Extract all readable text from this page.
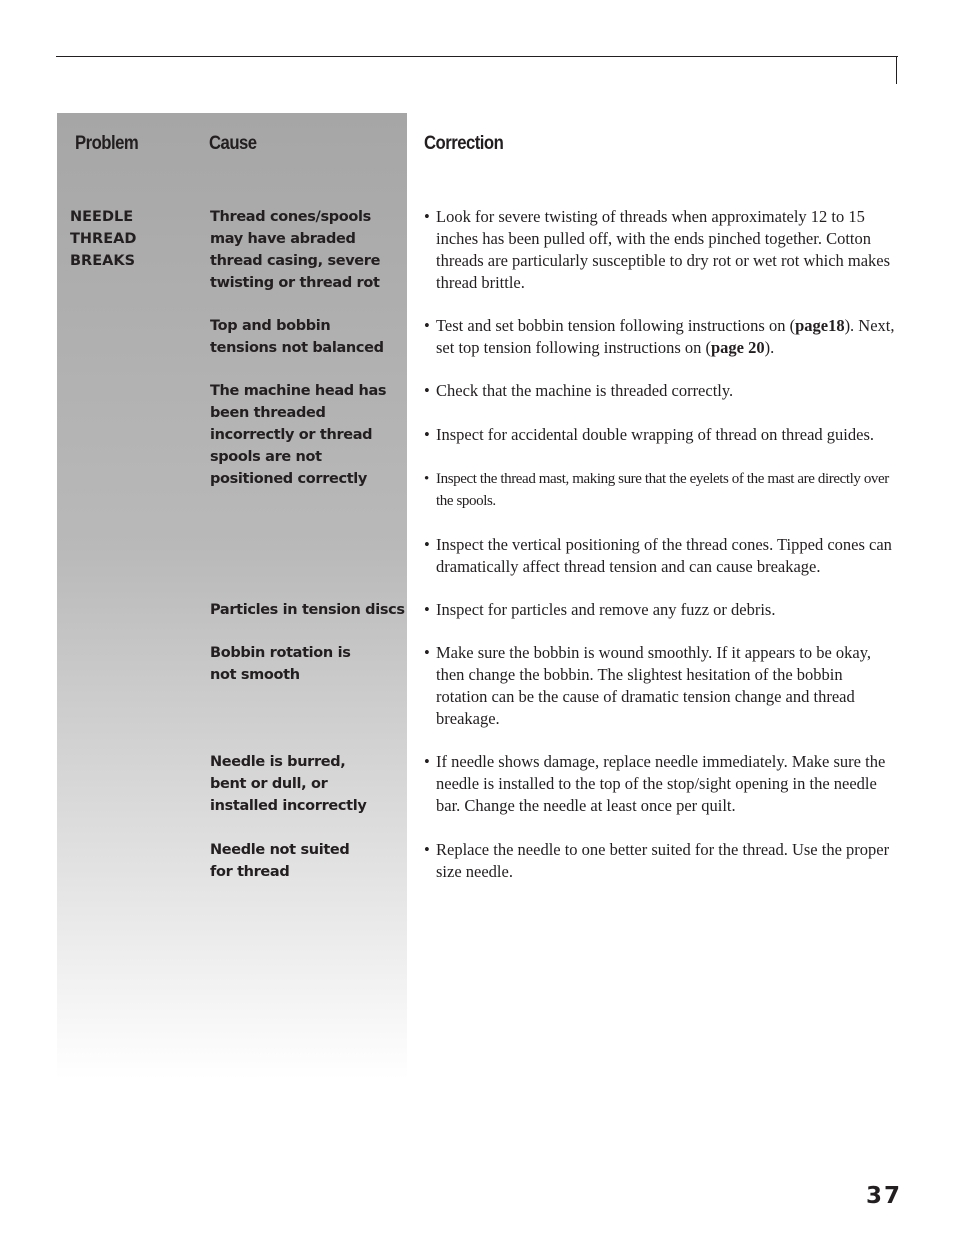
Problem	Cause	Correction
NEEDLE
THREAD
BREAKS
Thread cones/spools may have abraded thread casing, severe twisting or thread rot
Top and bobbin tensions not balanced
The machine head has been threaded incorrectly or thread spools are not positioned correctly
Particles in tension discs
Bobbin rotation is not smooth
Needle is burred, bent or dull, or installed incorrectly
Needle not suited for thread
• Look for severe twisting of threads when approximately 12 to 15 inches has been pulled off, with the ends pinched together. Cotton threads are particularly susceptible to dry rot or wet rot which makes thread brittle.
• Test and set bobbin tension following instructions on (page18). Next, set top tension following instructions on (page 20).
• Check that the machine is threaded correctly.
• Inspect for accidental double wrapping of thread on thread guides.
• Inspect the thread mast, making sure that the eyelets of the mast are directly over the spools.
• Inspect the vertical positioning of the thread cones. Tipped cones can dramatically affect thread tension and can cause breakage.
• Inspect for particles and remove any fuzz or debris.
• Make sure the bobbin is wound smoothly. If it appears to be okay, then change the bobbin. The slightest hesitation of the bobbin rotation can be the cause of dramatic tension change and thread breakage.
• If needle shows damage, replace needle immediately. Make sure the needle is installed to the top of the stop/sight opening in the needle bar. Change the needle at least once per quilt.
• Replace the needle to one better suited for the thread. Use the proper size needle.
37
